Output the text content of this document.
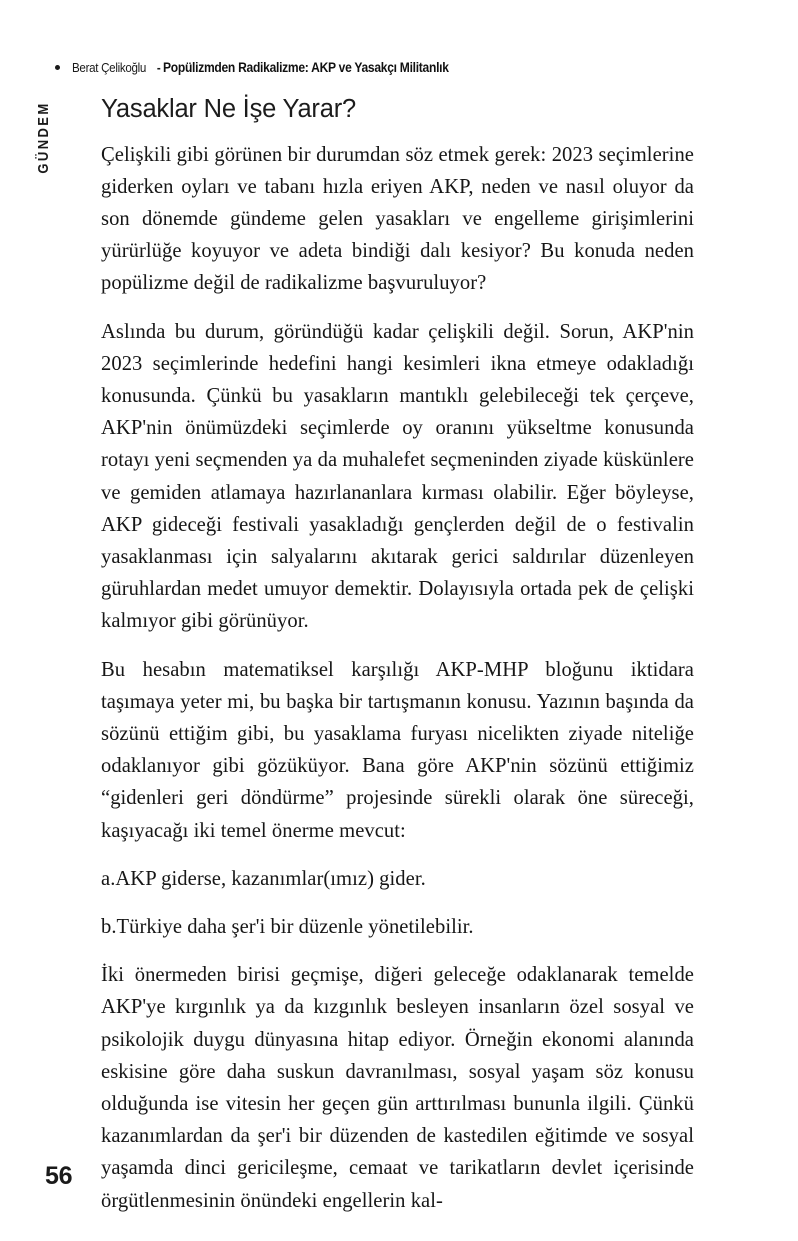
Berat Çelikoğlu - Popülizmden Radikalizme: AKP ve Yasakçı Militanlık
GÜNDEM Yasaklar Ne İşe Yarar?

Çelişkili gibi görünen bir durumdan söz etmek gerek: 2023 seçimlerine giderken oyları ve tabanı hızla eriyen AKP, neden ve nasıl oluyor da son dönemde gündeme gelen yasakları ve engelleme girişimlerini yürürlüğe koyuyor ve adeta bindiği dalı kesiyor? Bu konuda neden popülizme değil de radikalizme başvuruluyor?

Aslında bu durum, göründüğü kadar çelişkili değil. Sorun, AKP'nin 2023 seçimlerinde hedefini hangi kesimleri ikna etmeye odakladığı konusunda. Çünkü bu yasakların mantıklı gelebileceği tek çerçeve, AKP'nin önümüzdeki seçimlerde oy oranını yükseltme konusunda rotayı yeni seçmenden ya da muhalefet seçmeninden ziyade küskünlere ve gemiden atlamaya hazırlananlara kırması olabilir. Eğer böyleyse, AKP gideceği festivali yasakladığı gençlerden değil de o festivalin yasaklanması için salyalarını akıtarak gerici saldırılar düzenleyen güruhlardan medet umuyor demektir. Dolayısıyla ortada pek de çelişki kalmıyor gibi görünüyor.

Bu hesabın matematiksel karşılığı AKP-MHP bloğunu iktidara taşımaya yeter mi, bu başka bir tartışmanın konusu. Yazının başında da sözünü ettiğim gibi, bu yasaklama furyası nicelikten ziyade niteliğe odaklanıyor gibi gözüküyor. Bana göre AKP'nin sözünü ettiğimiz “gidenleri geri döndürme” projesinde sürekli olarak öne süreceği, kaşıyacağı iki temel önerme mevcut:

a.AKP giderse, kazanımlar(ımız) gider.

b.Türkiye daha şer'i bir düzenle yönetilebilir.

İki önermeden birisi geçmişe, diğeri geleceğe odaklanarak temelde AKP'ye kırgınlık ya da kızgınlık besleyen insanların özel sosyal ve psikolojik duygu dünyasına hitap ediyor. Örneğin ekonomi alanında eskisine göre daha suskun davranılması, sosyal yaşam söz konusu olduğunda ise vitesin her geçen gün arttırılması bununla ilgili. Çünkü kazanımlardan da şer'i bir düzenden de kastedilen eğitimde ve sosyal yaşamda dinci gericileşme, cemaat ve tarikatların devlet içerisinde örgütlenmesinin önündeki engellerin kal-

56
